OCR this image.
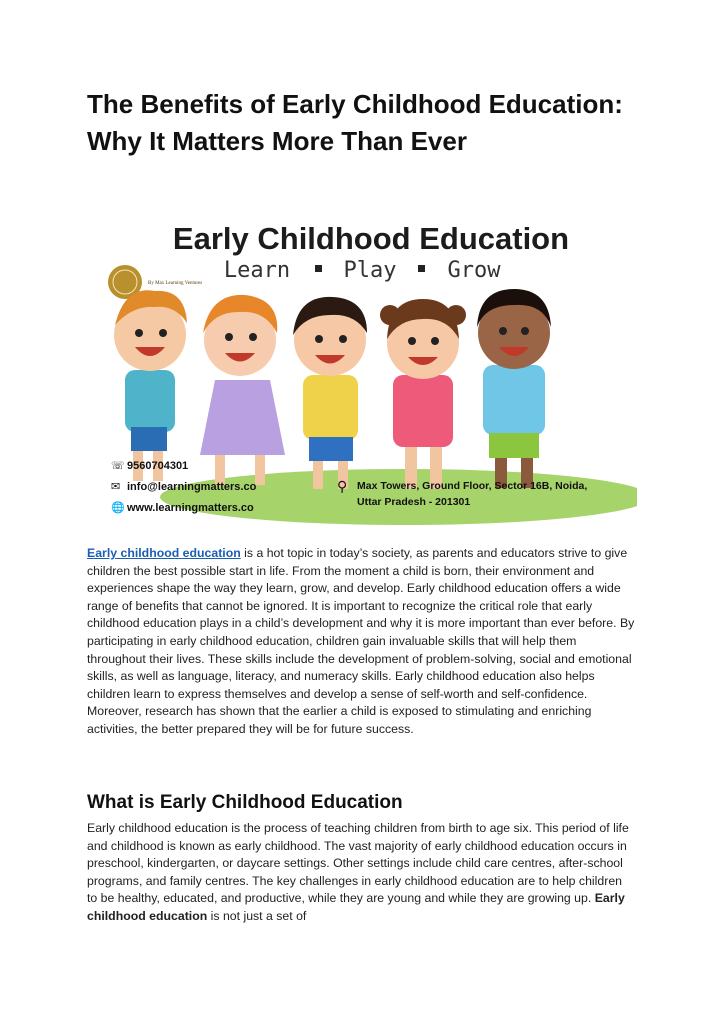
The Benefits of Early Childhood Education: Why It Matters More Than Ever
Early Childhood Education
Learn Play Grow
By Max Learning Ventures
☏ 9560704301
✉ info@learningmatters.co
🌐 www.learningmatters.co
⚲ Max Towers, Ground Floor, Sector 16B, Noida,
Uttar Pradesh - 201301

Early childhood education is a hot topic in today’s society, as parents and educators strive to give children the best possible start in life. From the moment a child is born, their environment and experiences shape the way they learn, grow, and develop. Early childhood education offers a wide range of benefits that cannot be ignored. It is important to recognize the critical role that early childhood education plays in a child’s development and why it is more important than ever before. By participating in early childhood education, children gain invaluable skills that will help them throughout their lives. These skills include the development of problem-solving, social and emotional skills, as well as language, literacy, and numeracy skills. Early childhood education also helps children learn to express themselves and develop a sense of self-worth and self-confidence. Moreover, research has shown that the earlier a child is exposed to stimulating and enriching activities, the better prepared they will be for future success.

What is Early Childhood Education

Early childhood education is the process of teaching children from birth to age six. This period of life and childhood is known as early childhood. The vast majority of early childhood education occurs in preschool, kindergarten, or daycare settings. Other settings include child care centres, after-school programs, and family centres. The key challenges in early childhood education are to help children to be healthy, educated, and productive, while they are young and while they are growing up. Early childhood education is not just a set of
